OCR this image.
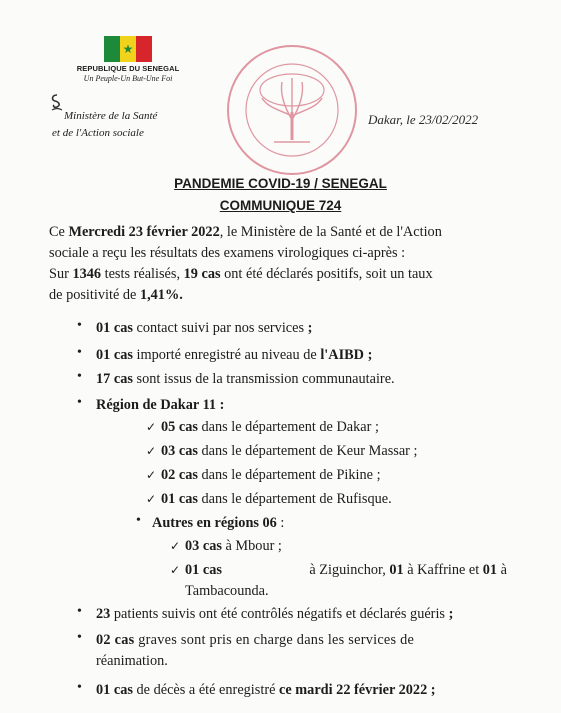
★
REPUBLIQUE DU SENEGAL
Un Peuple-Un But-Une Foi
Ministère de la Santé
et de l'Action sociale
Dakar, le 23/02/2022
PANDEMIE COVID-19 / SENEGAL
COMMUNIQUE 724
Ce Mercredi 23 février 2022, le Ministère de la Santé et de l'Action
sociale a reçu les résultats des examens virologiques ci-après :
Sur 1346 tests réalisés, 19 cas ont été déclarés positifs, soit un taux
de positivité de 1,41%.
• 01 cas contact suivi par nos services ;
• 01 cas importé enregistré au niveau de l'AIBD ;
• 17 cas sont issus de la transmission communautaire.
• Région de Dakar 11 :
✓ 05 cas dans le département de Dakar ;
✓ 03 cas dans le département de Keur Massar ;
✓ 02 cas dans le département de Pikine ;
✓ 01 cas dans le département de Rufisque.
• Autres en régions 06 :
✓ 03 cas à Mbour ;
✓ 01 cas	à Ziguinchor, 01 à Kaffrine et 01 à
Tambacounda.
• 23 patients suivis ont été contrôlés négatifs et déclarés guéris ;
• 02 cas graves sont pris en charge dans les services de
réanimation.
• 01 cas de décès a été enregistré ce mardi 22 février 2022 ;
